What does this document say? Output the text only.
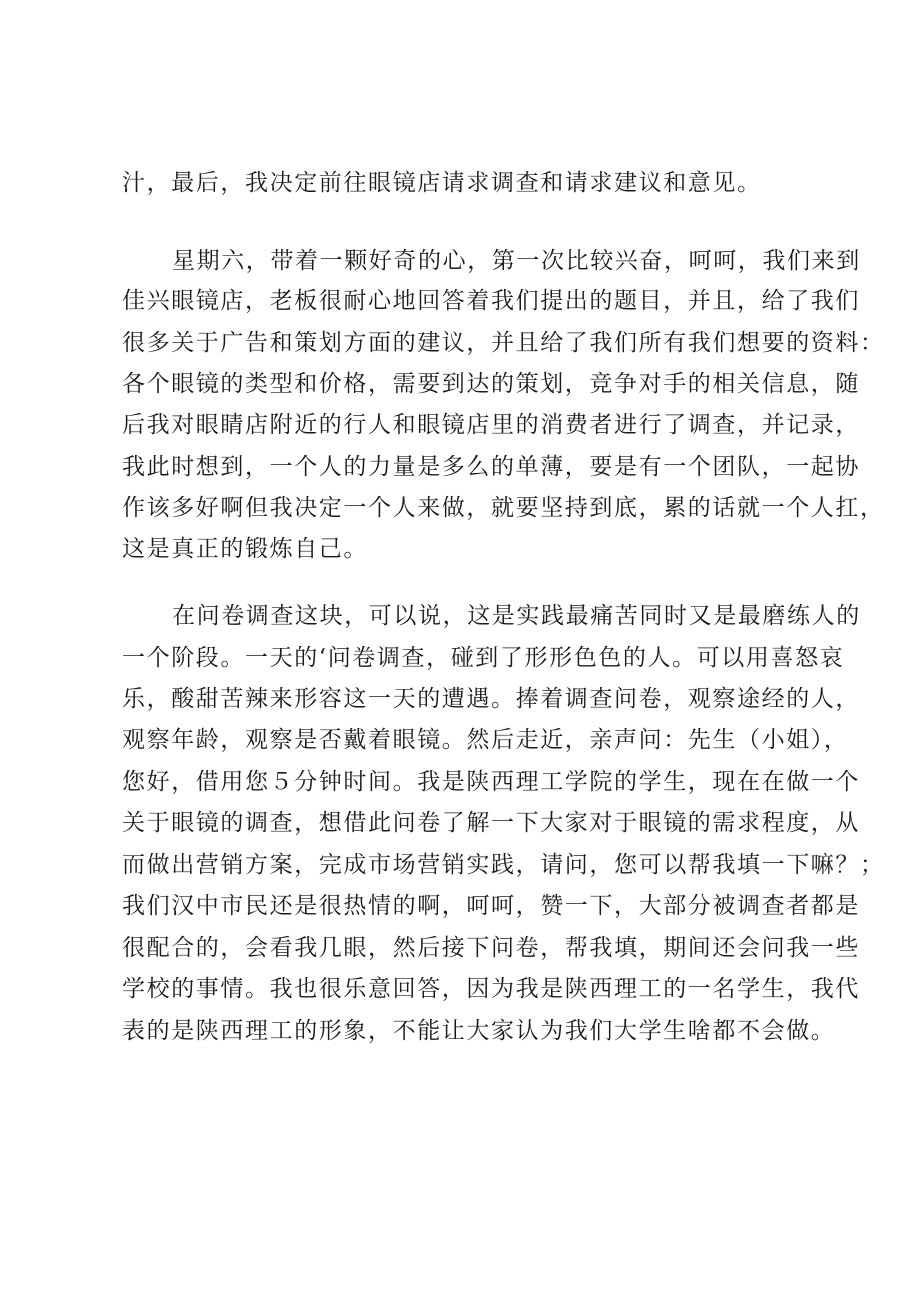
汁，最后，我决定前往眼镜店请求调查和请求建议和意见。
星期六，带着一颗好奇的心，第一次比较兴奋，呵呵，我们来到
佳兴眼镜店，老板很耐心地回答着我们提出的题目，并且，给了我们
很多关于广告和策划方面的建议，并且给了我们所有我们想要的资料：
各个眼镜的类型和价格，需要到达的策划，竞争对手的相关信息，随
后我对眼睛店附近的行人和眼镜店里的消费者进行了调查，并记录，
我此时想到，一个人的力量是多么的单薄，要是有一个团队，一起协
作该多好啊但我决定一个人来做，就要坚持到底，累的话就一个人扛，
这是真正的锻炼自己。
在问卷调查这块，可以说，这是实践最痛苦同时又是最磨练人的
一个阶段。一天的‘问卷调查，碰到了形形色色的人。可以用喜怒哀
乐，酸甜苦辣来形容这一天的遭遇。捧着调查问卷，观察途经的人，
观察年龄，观察是否戴着眼镜。然后走近，亲声问：先生（小姐），
您好，借用您５分钟时间。我是陕西理工学院的学生，现在在做一个
关于眼镜的调查，想借此问卷了解一下大家对于眼镜的需求程度，从
而做出营销方案，完成市场营销实践，请问，您可以帮我填一下嘛？；
我们汉中市民还是很热情的啊，呵呵，赞一下，大部分被调查者都是
很配合的，会看我几眼，然后接下问卷，帮我填，期间还会问我一些
学校的事情。我也很乐意回答，因为我是陕西理工的一名学生，我代
表的是陕西理工的形象，不能让大家认为我们大学生啥都不会做。
